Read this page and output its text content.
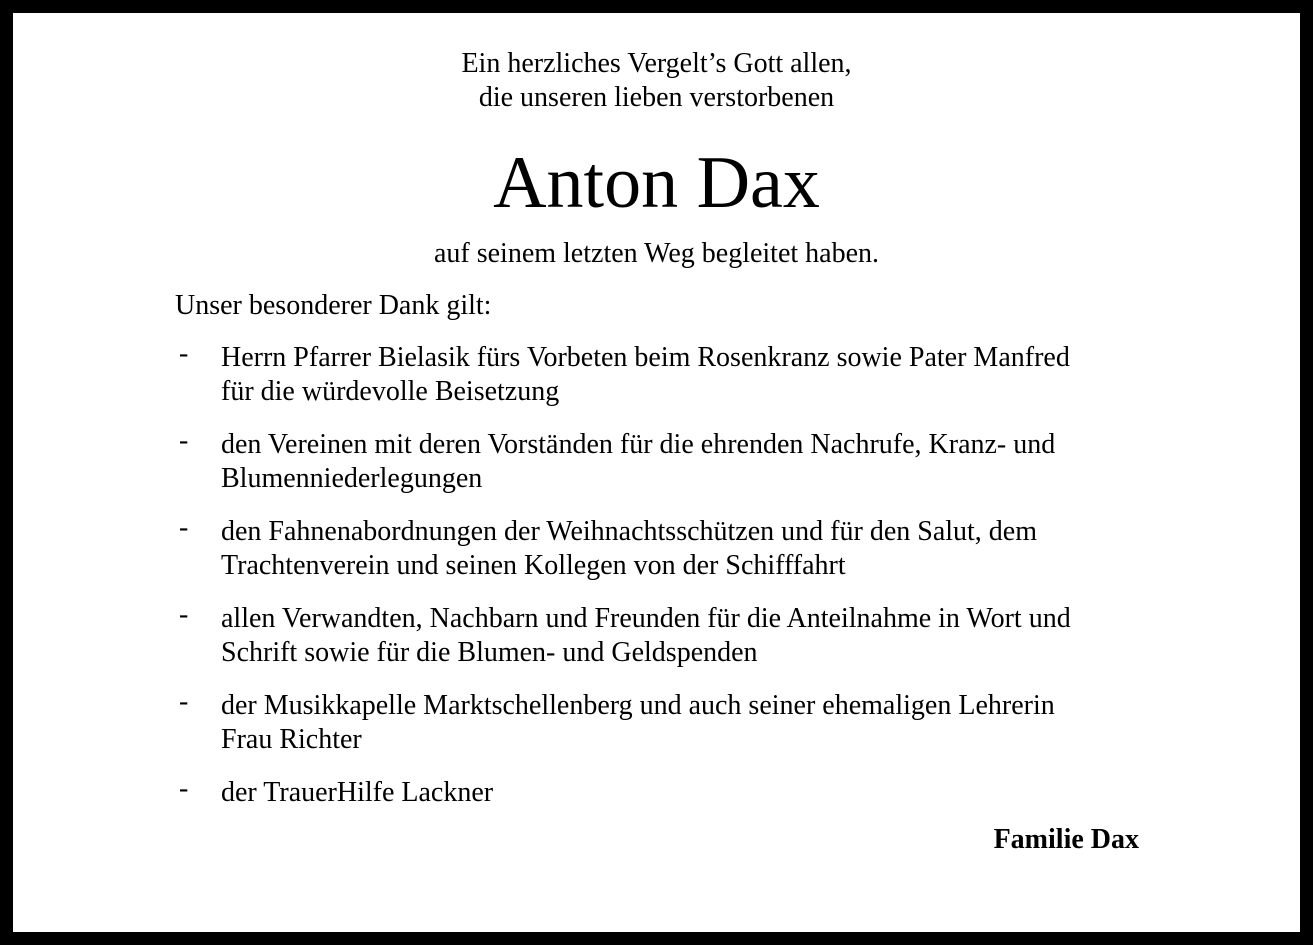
Ein herzliches Vergelt’s Gott allen,
die unseren lieben verstorbenen
Anton Dax
auf seinem letzten Weg begleitet haben.
Unser besonderer Dank gilt:
- Herrn Pfarrer Bielasik fürs Vorbeten beim Rosenkranz sowie Pater Manfred
für die würdevolle Beisetzung
- den Vereinen mit deren Vorständen für die ehrenden Nachrufe, Kranz- und
Blumenniederlegungen
- den Fahnenabordnungen der Weihnachtsschützen und für den Salut, dem
Trachtenverein und seinen Kollegen von der Schifffahrt
- allen Verwandten, Nachbarn und Freunden für die Anteilnahme in Wort und
Schrift sowie für die Blumen- und Geldspenden
- der Musikkapelle Marktschellenberg und auch seiner ehemaligen Lehrerin
Frau Richter
- der TrauerHilfe Lackner
Familie Dax
